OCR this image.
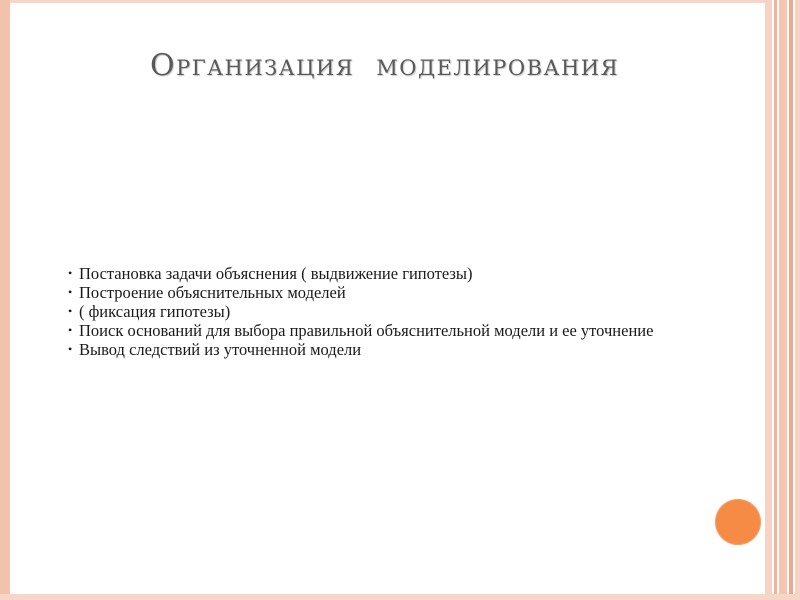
Организация  моделирования
• Постановка задачи объяснения ( выдвижение гипотезы)
• Построение объяснительных моделей
• ( фиксация гипотезы)
• Поиск оснований для выбора правильной объяснительной модели и ее уточнение
• Вывод следствий из уточненной модели
